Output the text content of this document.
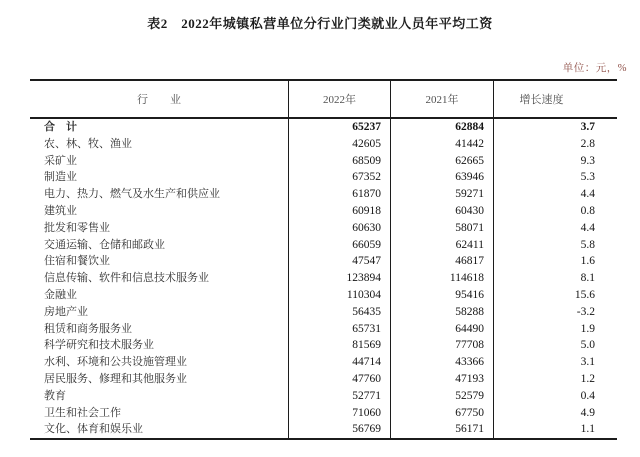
表2　2022年城镇私营单位分行业门类就业人员年平均工资
单位：元，%
行　　业	2022年	2021年	增长速度
合　计	65237	62884	3.7
农、林、牧、渔业	42605	41442	2.8
采矿业	68509	62665	9.3
制造业	67352	63946	5.3
电力、热力、燃气及水生产和供应业	61870	59271	4.4
建筑业	60918	60430	0.8
批发和零售业	60630	58071	4.4
交通运输、仓储和邮政业	66059	62411	5.8
住宿和餐饮业	47547	46817	1.6
信息传输、软件和信息技术服务业	123894	114618	8.1
金融业	110304	95416	15.6
房地产业	56435	58288	-3.2
租赁和商务服务业	65731	64490	1.9
科学研究和技术服务业	81569	77708	5.0
水利、环境和公共设施管理业	44714	43366	3.1
居民服务、修理和其他服务业	47760	47193	1.2
教育	52771	52579	0.4
卫生和社会工作	71060	67750	4.9
文化、体育和娱乐业	56769	56171	1.1
